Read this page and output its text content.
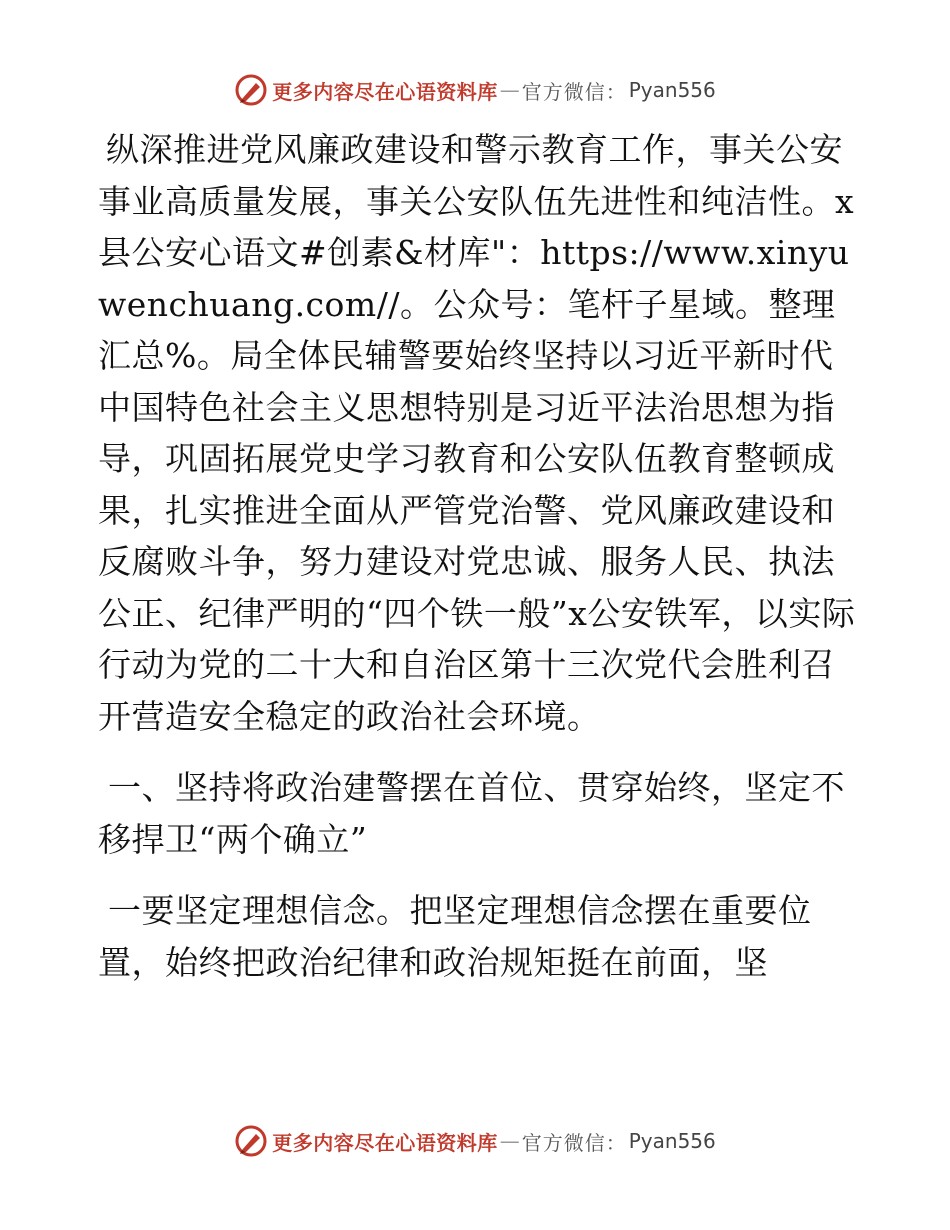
更多内容尽在心语资料库 — 官方微信： Pyan556

纵深推进党风廉政建设和警示教育工作，事关公安事业高质量发展，事关公安队伍先进性和纯洁性。x县公安心语文#创素&材库"：https://www.xinyuwenchuang.com//。公众号：笔杆子星域。整理汇总%。局全体民辅警要始终坚持以习近平新时代中国特色社会主义思想特别是习近平法治思想为指导，巩固拓展党史学习教育和公安队伍教育整顿成果，扎实推进全面从严管党治警、党风廉政建设和反腐败斗争，努力建设对党忠诚、服务人民、执法公正、纪律严明的“四个铁一般”x公安铁军，以实际行动为党的二十大和自治区第十三次党代会胜利召开营造安全稳定的政治社会环境。

一、坚持将政治建警摆在首位、贯穿始终，坚定不移捍卫“两个确立”

一要坚定理想信念。把坚定理想信念摆在重要位置，始终把政治纪律和政治规矩挺在前面，坚

更多内容尽在心语资料库 — 官方微信： Pyan556
